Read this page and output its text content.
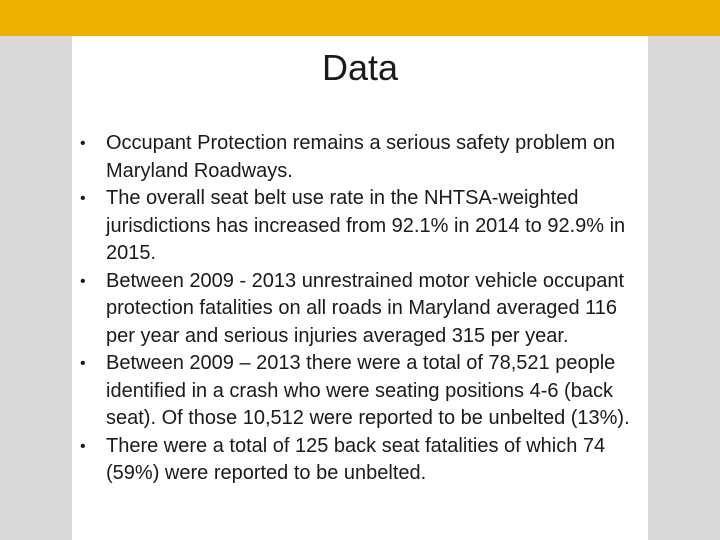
Data
• Occupant Protection remains a serious safety problem on Maryland Roadways.
• The overall seat belt use rate in the NHTSA-weighted jurisdictions has increased from 92.1% in 2014 to 92.9% in 2015.
• Between 2009 - 2013 unrestrained motor vehicle occupant protection fatalities on all roads in Maryland averaged 116 per year and serious injuries averaged 315 per year.
• Between 2009 – 2013 there were a total of 78,521 people identified in a crash who were seating positions 4-6 (back seat). Of those 10,512 were reported to be unbelted (13%).
• There were a total of 125 back seat fatalities of which 74 (59%) were reported to be unbelted.
